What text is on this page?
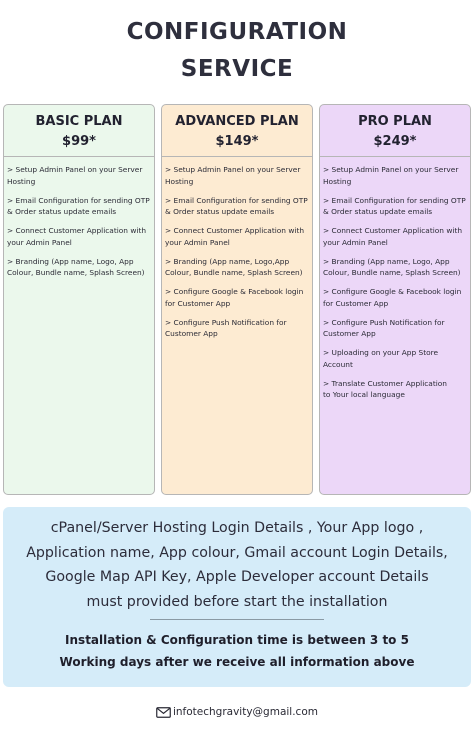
CONFIGURATION
SERVICE
BASIC PLAN
$99*
> Setup Admin Panel on your Server
Hosting
> Email Configuration for sending OTP
& Order status update emails
> Connect Customer Application with
your Admin Panel
> Branding (App name, Logo, App
Colour, Bundle name, Splash Screen)
ADVANCED PLAN
$149*
> Setup Admin Panel on your Server
Hosting
> Email Configuration for sending OTP
& Order status update emails
> Connect Customer Application with
your Admin Panel
> Branding (App name, Logo,App
Colour, Bundle name, Splash Screen)
> Configure Google & Facebook login
for Customer App
> Configure Push Notification for
Customer App
PRO PLAN
$249*
> Setup Admin Panel on your Server
Hosting
> Email Configuration for sending OTP
& Order status update emails
> Connect Customer Application with
your Admin Panel
> Branding (App name, Logo, App
Colour, Bundle name, Splash Screen)
> Configure Google & Facebook login
for Customer App
> Configure Push Notification for
Customer App
> Uploading on your App Store Account
> Translate Customer Application
to Your local language
cPanel/Server Hosting Login Details , Your App logo ,
Application name, App colour, Gmail account Login Details,
Google Map API Key, Apple Developer account Details
must provided before start the installation
Installation & Configuration time is between 3 to 5
Working days after we receive all information above
infotechgravity@gmail.com
